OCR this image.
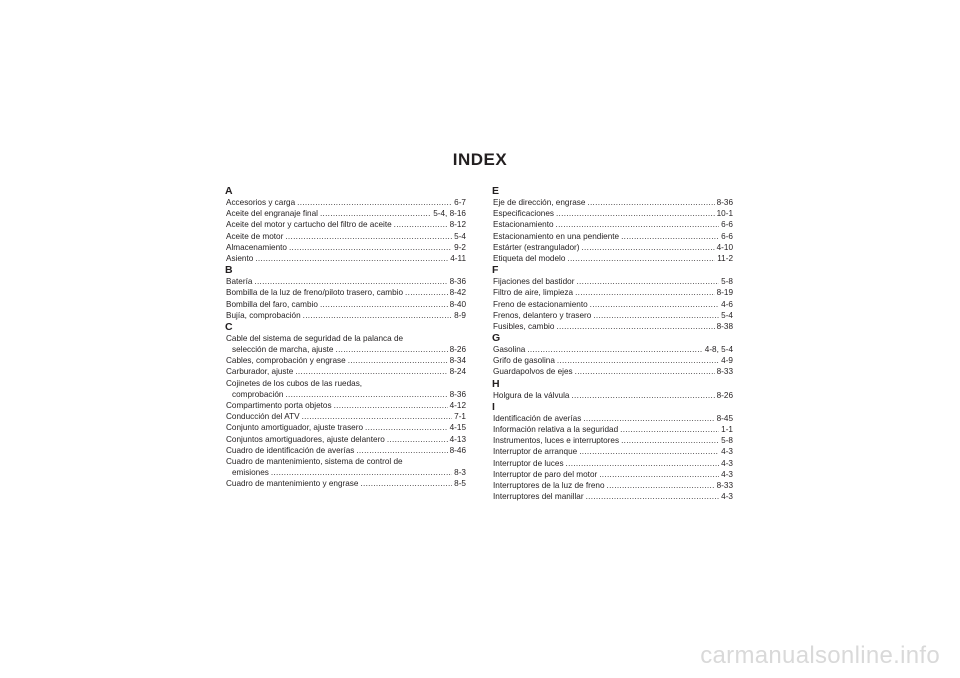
INDEX
A
Accesorios y carga .....	6-7
Aceite del engranaje final .....	5-4, 8-16
Aceite del motor y cartucho del filtro de aceite .....	8-12
Aceite de motor .....	5-4
Almacenamiento .....	9-2
Asiento .....	4-11
B
Batería .....	8-36
Bombilla de la luz de freno/piloto trasero, cambio .....	8-42
Bombilla del faro, cambio .....	8-40
Bujía, comprobación .....	8-9
C
Cable del sistema de seguridad de la palanca de
selección de marcha, ajuste .....	8-26
Cables, comprobación y engrase .....	8-34
Carburador, ajuste .....	8-24
Cojinetes de los cubos de las ruedas,
comprobación .....	8-36
Compartimento porta objetos .....	4-12
Conducción del ATV .....	7-1
Conjunto amortiguador, ajuste trasero .....	4-15
Conjuntos amortiguadores, ajuste delantero .....	4-13
Cuadro de identificación de averías .....	8-46
Cuadro de mantenimiento, sistema de control de
emisiones .....	8-3
Cuadro de mantenimiento y engrase .....	8-5
E
Eje de dirección, engrase .....	8-36
Especificaciones .....	10-1
Estacionamiento .....	6-6
Estacionamiento en una pendiente .....	6-6
Estárter (estrangulador) .....	4-10
Etiqueta del modelo .....	11-2
F
Fijaciones del bastidor .....	5-8
Filtro de aire, limpieza .....	8-19
Freno de estacionamiento .....	4-6
Frenos, delantero y trasero .....	5-4
Fusibles, cambio .....	8-38
G
Gasolina .....	4-8, 5-4
Grifo de gasolina .....	4-9
Guardapolvos de ejes .....	8-33
H
Holgura de la válvula .....	8-26
I
Identificación de averías .....	8-45
Información relativa a la seguridad .....	1-1
Instrumentos, luces e interruptores .....	5-8
Interruptor de arranque .....	4-3
Interruptor de luces .....	4-3
Interruptor de paro del motor .....	4-3
Interruptores de la luz de freno .....	8-33
Interruptores del manillar .....	4-3
carmanualsonline.info
